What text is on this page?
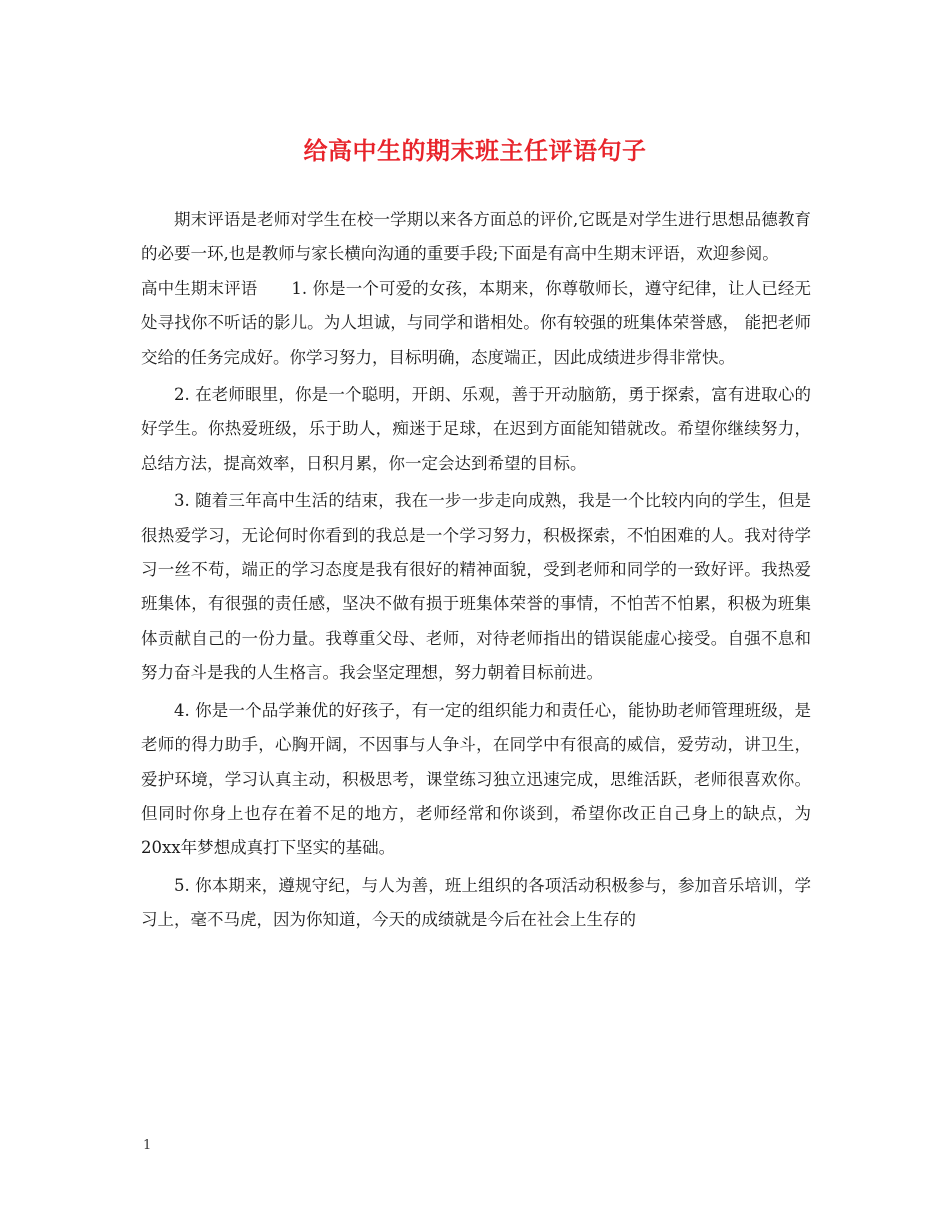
给高中生的期末班主任评语句子

期末评语是老师对学生在校一学期以来各方面总的评价,它既是对学生进行思想品德教育的必要一环,也是教师与家长横向沟通的重要手段;下面是有高中生期末评语，欢迎参阅。

高中生期末评语 1. 你是一个可爱的女孩，本期来，你尊敬师长，遵守纪律，让人已经无处寻找你不听话的影儿。为人坦诚，与同学和谐相处。你有较强的班集体荣誉感， 能把老师交给的任务完成好。你学习努力，目标明确，态度端正，因此成绩进步得非常快。

2. 在老师眼里，你是一个聪明，开朗、乐观，善于开动脑筋，勇于探索，富有进取心的好学生。你热爱班级，乐于助人，痴迷于足球，在迟到方面能知错就改。希望你继续努力，总结方法，提高效率，日积月累，你一定会达到希望的目标。

3. 随着三年高中生活的结束，我在一步一步走向成熟，我是一个比较内向的学生，但是很热爱学习，无论何时你看到的我总是一个学习努力，积极探索，不怕困难的人。我对待学习一丝不苟，端正的学习态度是我有很好的精神面貌，受到老师和同学的一致好评。我热爱班集体，有很强的责任感，坚决不做有损于班集体荣誉的事情，不怕苦不怕累，积极为班集体贡献自己的一份力量。我尊重父母、老师，对待老师指出的错误能虚心接受。自强不息和努力奋斗是我的人生格言。我会坚定理想，努力朝着目标前进。

4. 你是一个品学兼优的好孩子，有一定的组织能力和责任心，能协助老师管理班级，是老师的得力助手，心胸开阔，不因事与人争斗，在同学中有很高的威信，爱劳动，讲卫生，爱护环境，学习认真主动，积极思考，课堂练习独立迅速完成，思维活跃，老师很喜欢你。但同时你身上也存在着不足的地方，老师经常和你谈到，希望你改正自己身上的缺点，为20xx年梦想成真打下坚实的基础。

5. 你本期来，遵规守纪，与人为善，班上组织的各项活动积极参与，参加音乐培训，学习上，毫不马虎，因为你知道，今天的成绩就是今后在社会上生存的

1
